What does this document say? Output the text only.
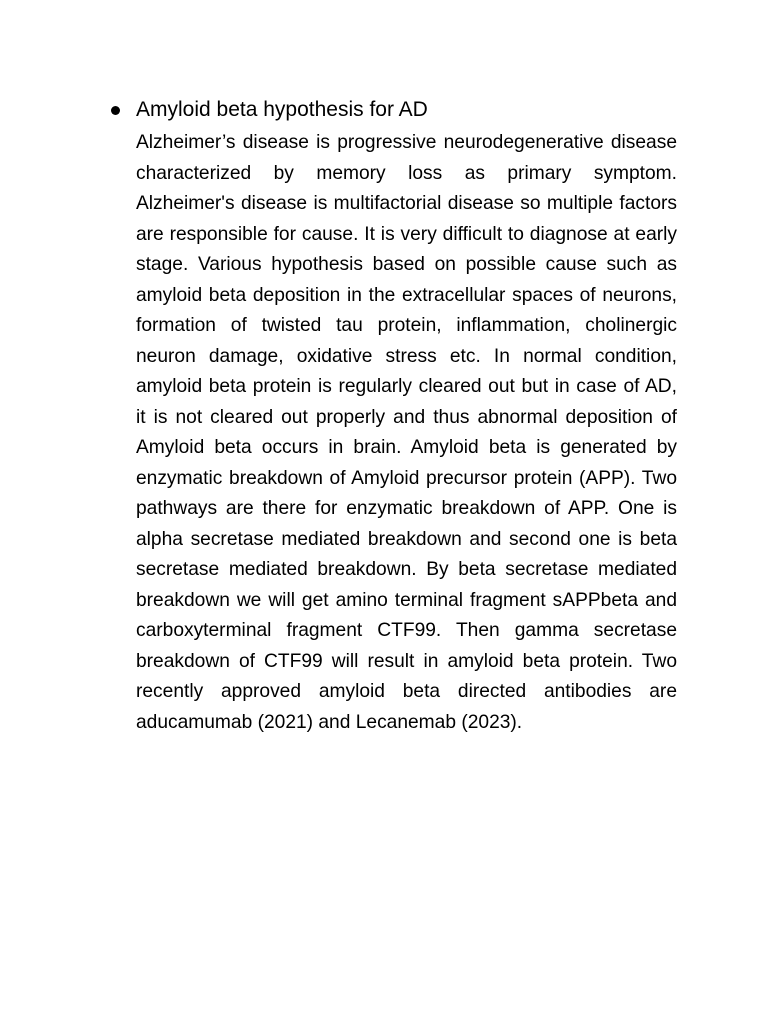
Amyloid beta hypothesis for AD

Alzheimer’s disease is progressive neurodegenerative disease characterized by memory loss as primary symptom. Alzheimer's disease is multifactorial disease so multiple factors are responsible for cause. It is very difficult to diagnose at early stage. Various hypothesis based on possible cause such as amyloid beta deposition in the extracellular spaces of neurons, formation of twisted tau protein, inflammation, cholinergic neuron damage, oxidative stress etc. In normal condition, amyloid beta protein is regularly cleared out but in case of AD, it is not cleared out properly and thus abnormal deposition of Amyloid beta occurs in brain. Amyloid beta is generated by enzymatic breakdown of Amyloid precursor protein (APP). Two pathways are there for enzymatic breakdown of APP. One is alpha secretase mediated breakdown and second one is beta secretase mediated breakdown. By beta secretase mediated breakdown we will get amino terminal fragment sAPPbeta and carboxyterminal fragment CTF99. Then gamma secretase breakdown of CTF99 will result in amyloid beta protein. Two recently approved amyloid beta directed antibodies are aducamumab (2021) and Lecanemab (2023).
